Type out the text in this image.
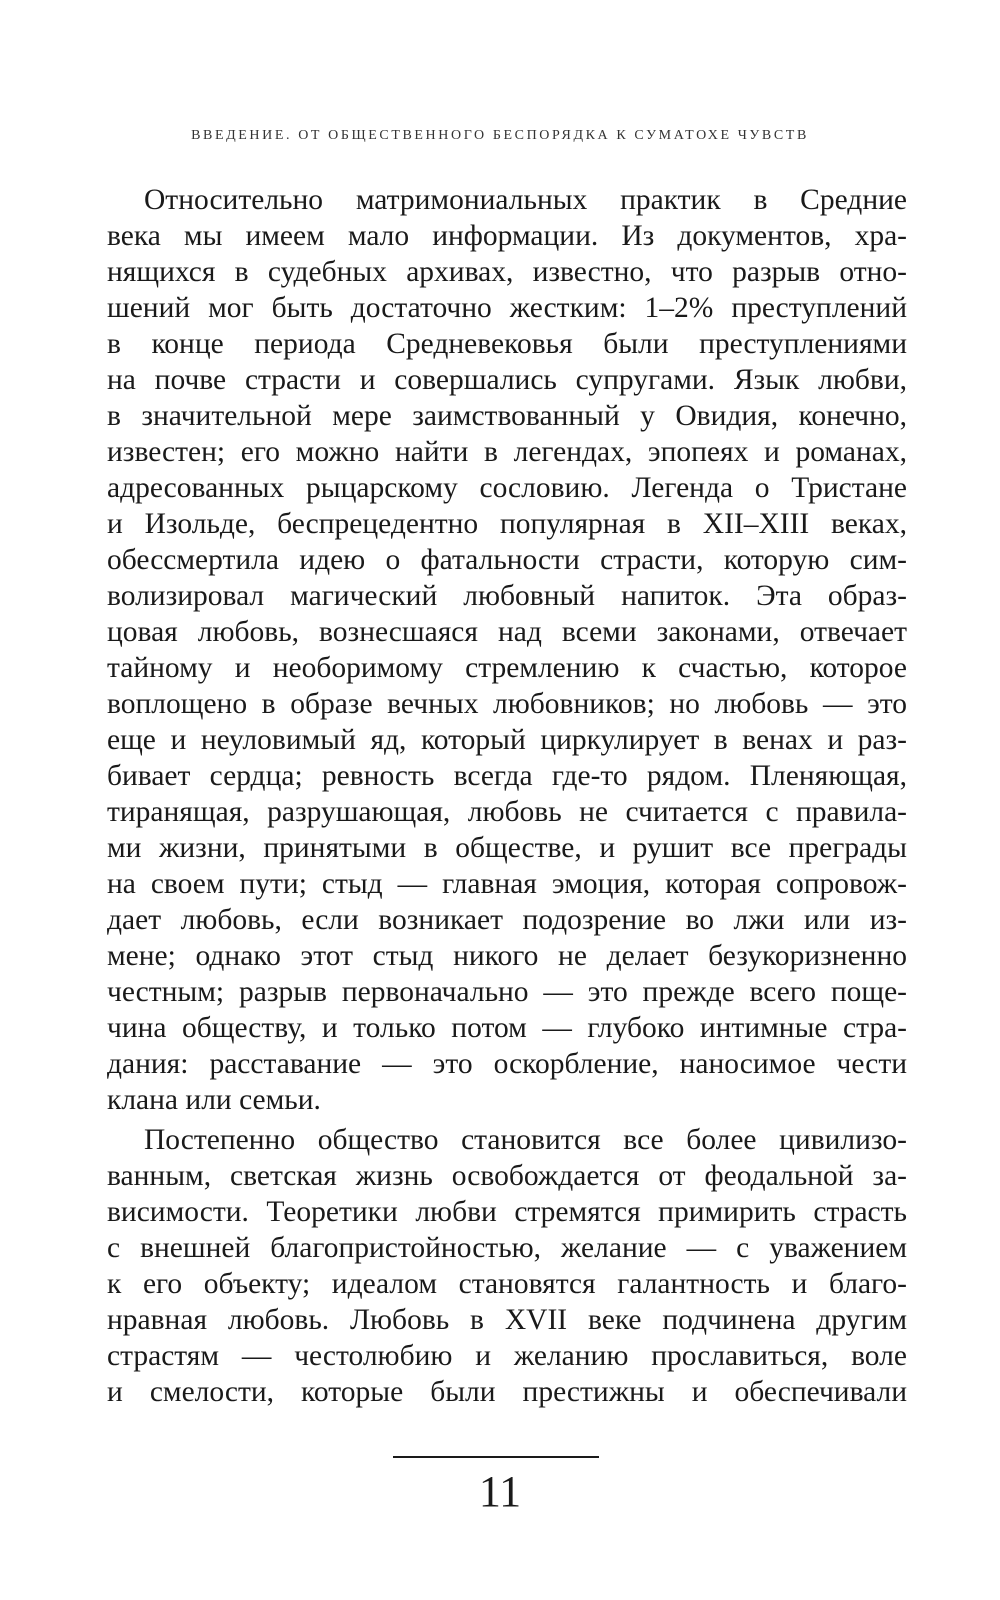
ВВЕДЕНИЕ. ОТ ОБЩЕСТВЕННОГО БЕСПОРЯДКА К СУМАТОХЕ ЧУВСТВ
Относительно матримониальных практик в Средние
века мы имеем мало информации. Из документов, хра-
нящихся в судебных архивах, известно, что разрыв отно-
шений мог быть достаточно жестким: 1–2% преступлений
в конце периода Средневековья были преступлениями
на почве страсти и совершались супругами. Язык любви,
в значительной мере заимствованный у Овидия, конечно,
известен; его можно найти в легендах, эпопеях и романах,
адресованных рыцарскому сословию. Легенда о Тристане
и Изольде, беспрецедентно популярная в XII–XIII веках,
обессмертила идею о фатальности страсти, которую сим-
волизировал магический любовный напиток. Эта образ-
цовая любовь, вознесшаяся над всеми законами, отвечает
тайному и необоримому стремлению к счастью, которое
воплощено в образе вечных любовников; но любовь — это
еще и неуловимый яд, который циркулирует в венах и раз-
бивает сердца; ревность всегда где-то рядом. Пленяющая,
тиранящая, разрушающая, любовь не считается с правила-
ми жизни, принятыми в обществе, и рушит все преграды
на своем пути; стыд — главная эмоция, которая сопровож-
дает любовь, если возникает подозрение во лжи или из-
мене; однако этот стыд никого не делает безукоризненно
честным; разрыв первоначально — это прежде всего поще-
чина обществу, и только потом — глубоко интимные стра-
дания: расставание — это оскорбление, наносимое чести
клана или семьи.
Постепенно общество становится все более цивилизо-
ванным, светская жизнь освобождается от феодальной за-
висимости. Теоретики любви стремятся примирить страсть
с внешней благопристойностью, желание — с уважением
к его объекту; идеалом становятся галантность и благо-
нравная любовь. Любовь в XVII веке подчинена другим
страстям — честолюбию и желанию прославиться, воле
и смелости, которые были престижны и обеспечивали
11
